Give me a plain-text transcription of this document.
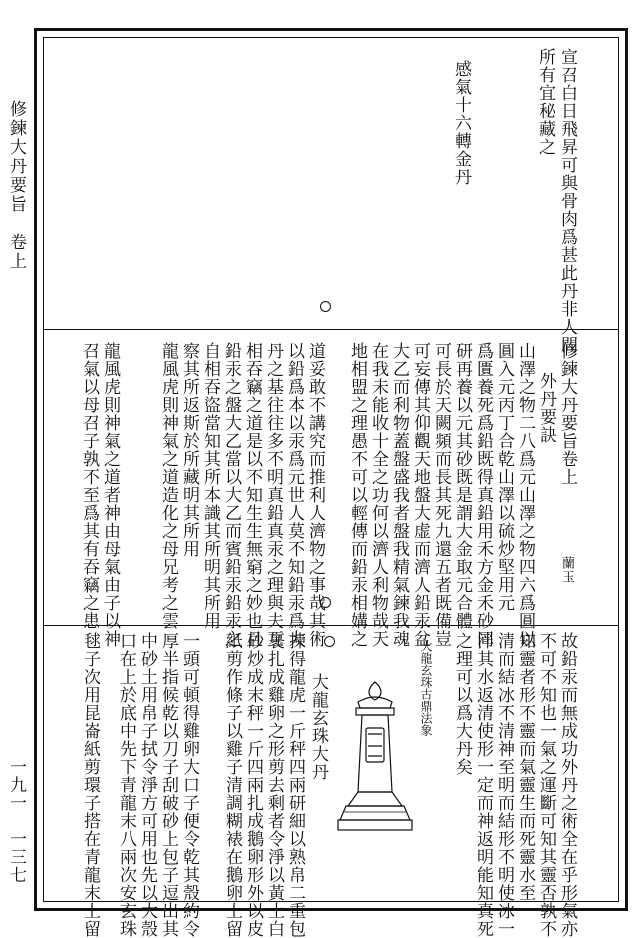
修鍊大丹要旨　卷上
一九一　一三七
宣召白日飛昇可與骨肉爲甚此丹非人間
所有宜秘藏之
感氣十六轉金丹
修鍊大丹要旨卷上
外丹要訣
山澤之物二八爲元山澤之物四六爲圓以
圓入元丙丁合乾山澤以硫炒堅用元
爲匱養死爲鉛既得真鉛用禾方金禾砂同
研再養以元其砂既是謂大金取元合體
可長於天闕頻而長其死九還五者既備豈
可妄傳其仰觀天地盤大虚而濟人鉛汞盆
大乙而利物蓋盤盛我者盤我精氣鍊我魂
在我未能收十全之功何以濟人利物哉天
地相盟之理愚不可以輕傳而鉛汞相媾之
道妥敢不講究而推利人濟物之事哉其術
以鉛爲本以汞爲元世人莫不知鉛汞爲大
丹之基往往多不明真鉛真汞之理與夫互
相吞竊之道是以不知生生無窮之妙也且
鉛汞之盤大乙當以大乙而賓鉛汞鉛汞之
自相吞盜當知其所本識其所明其所用
察其所返斯於所藏明其所用
龍風虎則神氣之道造化之母兄考之雲
龍風虎則神氣之道者神由母氣由子以神
召氣以母召子孰不至爲其有吞竊之患	蘭玉
故鉛汞而無成功外丹之術全在乎形氣亦
不可不知也一氣之運斷可知其靈否孰不
知靈者形不靈而氣靈生而死靈水至
清而結冰不清神至明而結形不明使冰一
泮其水返清使形一定而神返明能知真死
之理可以爲大丹矣
大龍玄珠古鼎法象
大龍玄珠大丹
揀得龍虎一斤秤四兩研細以熟帛二重包
裹扎成雞卵之形剪去剩者令淨以黃土白
砂炒成末秤一斤四兩扎成鵝卵形外以皮
紙剪作條子以雞子清調糊裱在鵝卵上留
一頭可頓得雞卵大口子便令乾其殼約令
厚半指候乾以刀子刮破砂上包子逗出其
中砂土用帛子拭令淨方可用也先以大殼
口在上於底中先下青龍末八兩次安玄珠
毬子次用昆崙紙剪環子搭在青龍末上留
